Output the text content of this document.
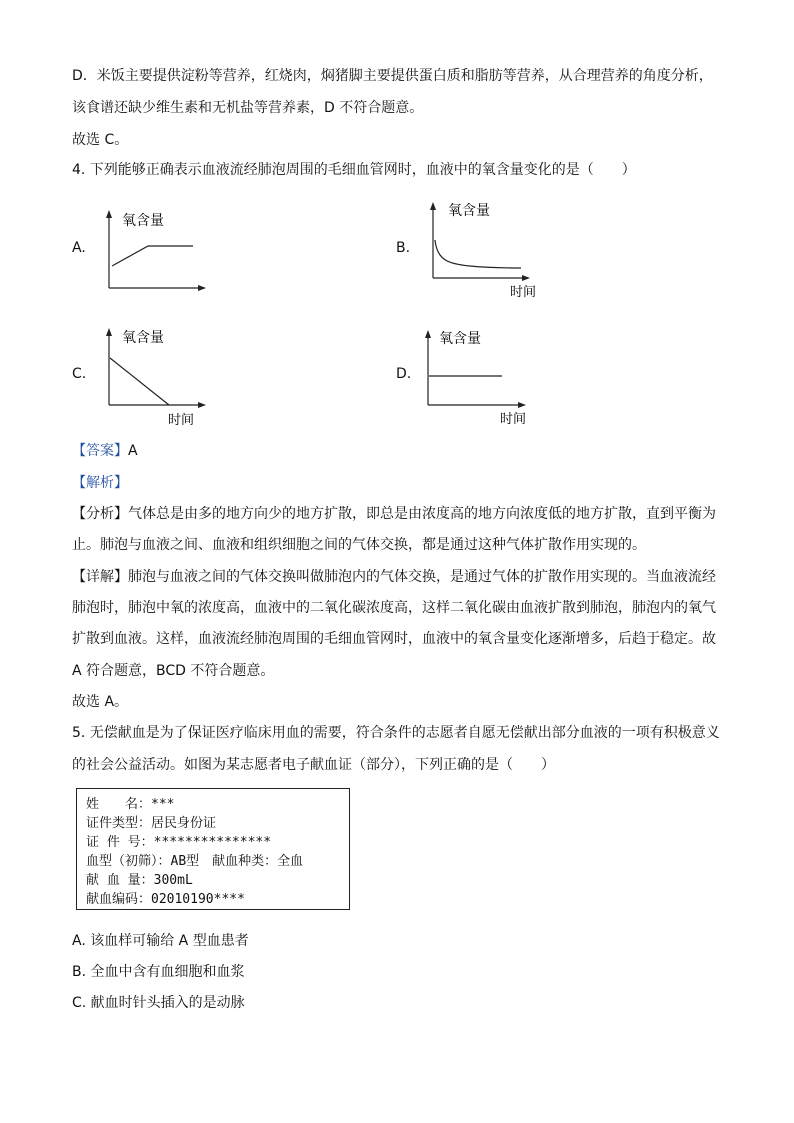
D．米饭主要提供淀粉等营养，红烧肉，焖猪脚主要提供蛋白质和脂肪等营养，从合理营养的角度分析，
该食谱还缺少维生素和无机盐等营养素，D 不符合题意。
故选 C。
4. 下列能够正确表示血液流经肺泡周围的毛细血管网时，血液中的氧含量变化的是（　　）
A.
氧含量
B.
氧含量
时间
C.
氧含量
时间
D.
氧含量
时间
【答案】A
【解析】
【分析】气体总是由多的地方向少的地方扩散，即总是由浓度高的地方向浓度低的地方扩散，直到平衡为
止。肺泡与血液之间、血液和组织细胞之间的气体交换，都是通过这种气体扩散作用实现的。
【详解】肺泡与血液之间的气体交换叫做肺泡内的气体交换，是通过气体的扩散作用实现的。当血液流经
肺泡时，肺泡中氧的浓度高，血液中的二氧化碳浓度高，这样二氧化碳由血液扩散到肺泡，肺泡内的氧气
扩散到血液。这样，血液流经肺泡周围的毛细血管网时，血液中的氧含量变化逐渐增多，后趋于稳定。故
A 符合题意，BCD 不符合题意。
故选 A。
5. 无偿献血是为了保证医疗临床用血的需要，符合条件的志愿者自愿无偿献出部分血液的一项有积极意义
的社会公益活动。如图为某志愿者电子献血证（部分），下列正确的是（　　）
姓　　名：***
证件类型：居民身份证
证 件 号：***************
血型（初筛）：AB型　献血种类：全血
献 血 量：300mL
献血编码：02010190****
A. 该血样可输给 A 型血患者
B. 全血中含有血细胞和血浆
C. 献血时针头插入的是动脉
